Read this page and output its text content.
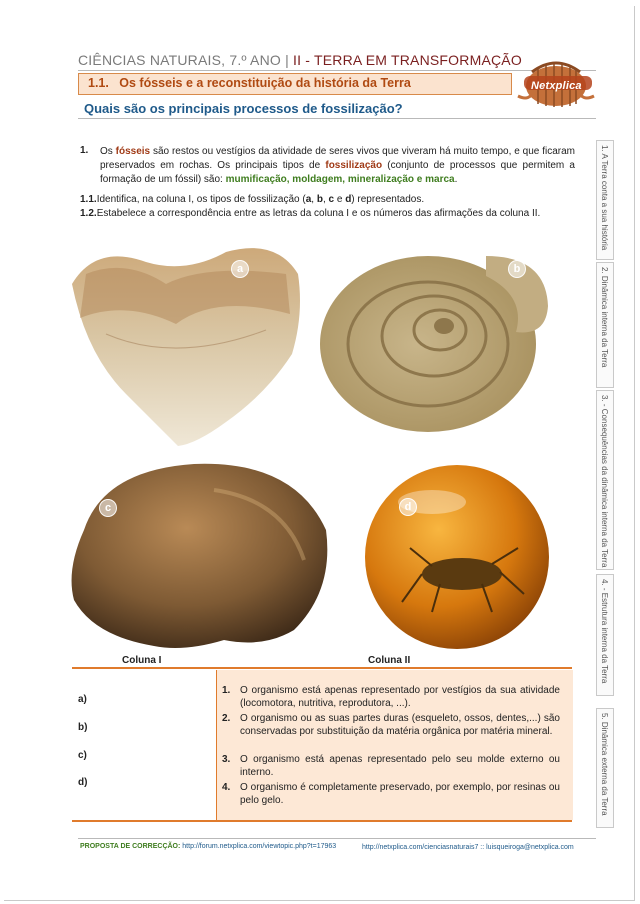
CIÊNCIAS NATURAIS, 7.º ANO | II - TERRA EM TRANSFORMAÇÃO
1.1.   Os fósseis e a reconstituição da história da Terra
Quais são os principais processos de fossilização?
Netxplica
1. Os fósseis são restos ou vestígios da atividade de seres vivos que viveram há muito tempo, e que ficaram preservados em rochas. Os principais tipos de fossilização (conjunto de processos que permitem a formação de um fóssil) são: mumificação, moldagem, mineralização e marca.
1.1.Identifica, na coluna I, os tipos de fossilização (a, b, c e d) representados.
1.2.Estabelece a correspondência entre as letras da coluna I e os números das afirmações da coluna II.
a	b
c	d
1. A Terra conta a sua história
2. Dinâmica interna da Terra
3. - Consequências da dinâmica interna da Terra
4. - Estrutura interna da Terra
5. Dinâmica externa da Terra
Coluna I	Coluna II
a)
b)
c)
d)
1. O organismo está apenas representado por vestígios da sua atividade (locomotora, nutritiva, reprodutora, ...).
2. O organismo ou as suas partes duras (esqueleto, ossos, dentes,...) são conservadas por substituição da matéria orgânica por matéria mineral.
3. O organismo está apenas representado pelo seu molde externo ou interno.
4. O organismo é completamente preservado, por exemplo, por resinas ou pelo gelo.
PROPOSTA DE CORRECÇÃO: http://forum.netxplica.com/viewtopic.php?t=17963	http://netxplica.com/cienciasnaturais7 :: luisqueiroga@netxplica.com
